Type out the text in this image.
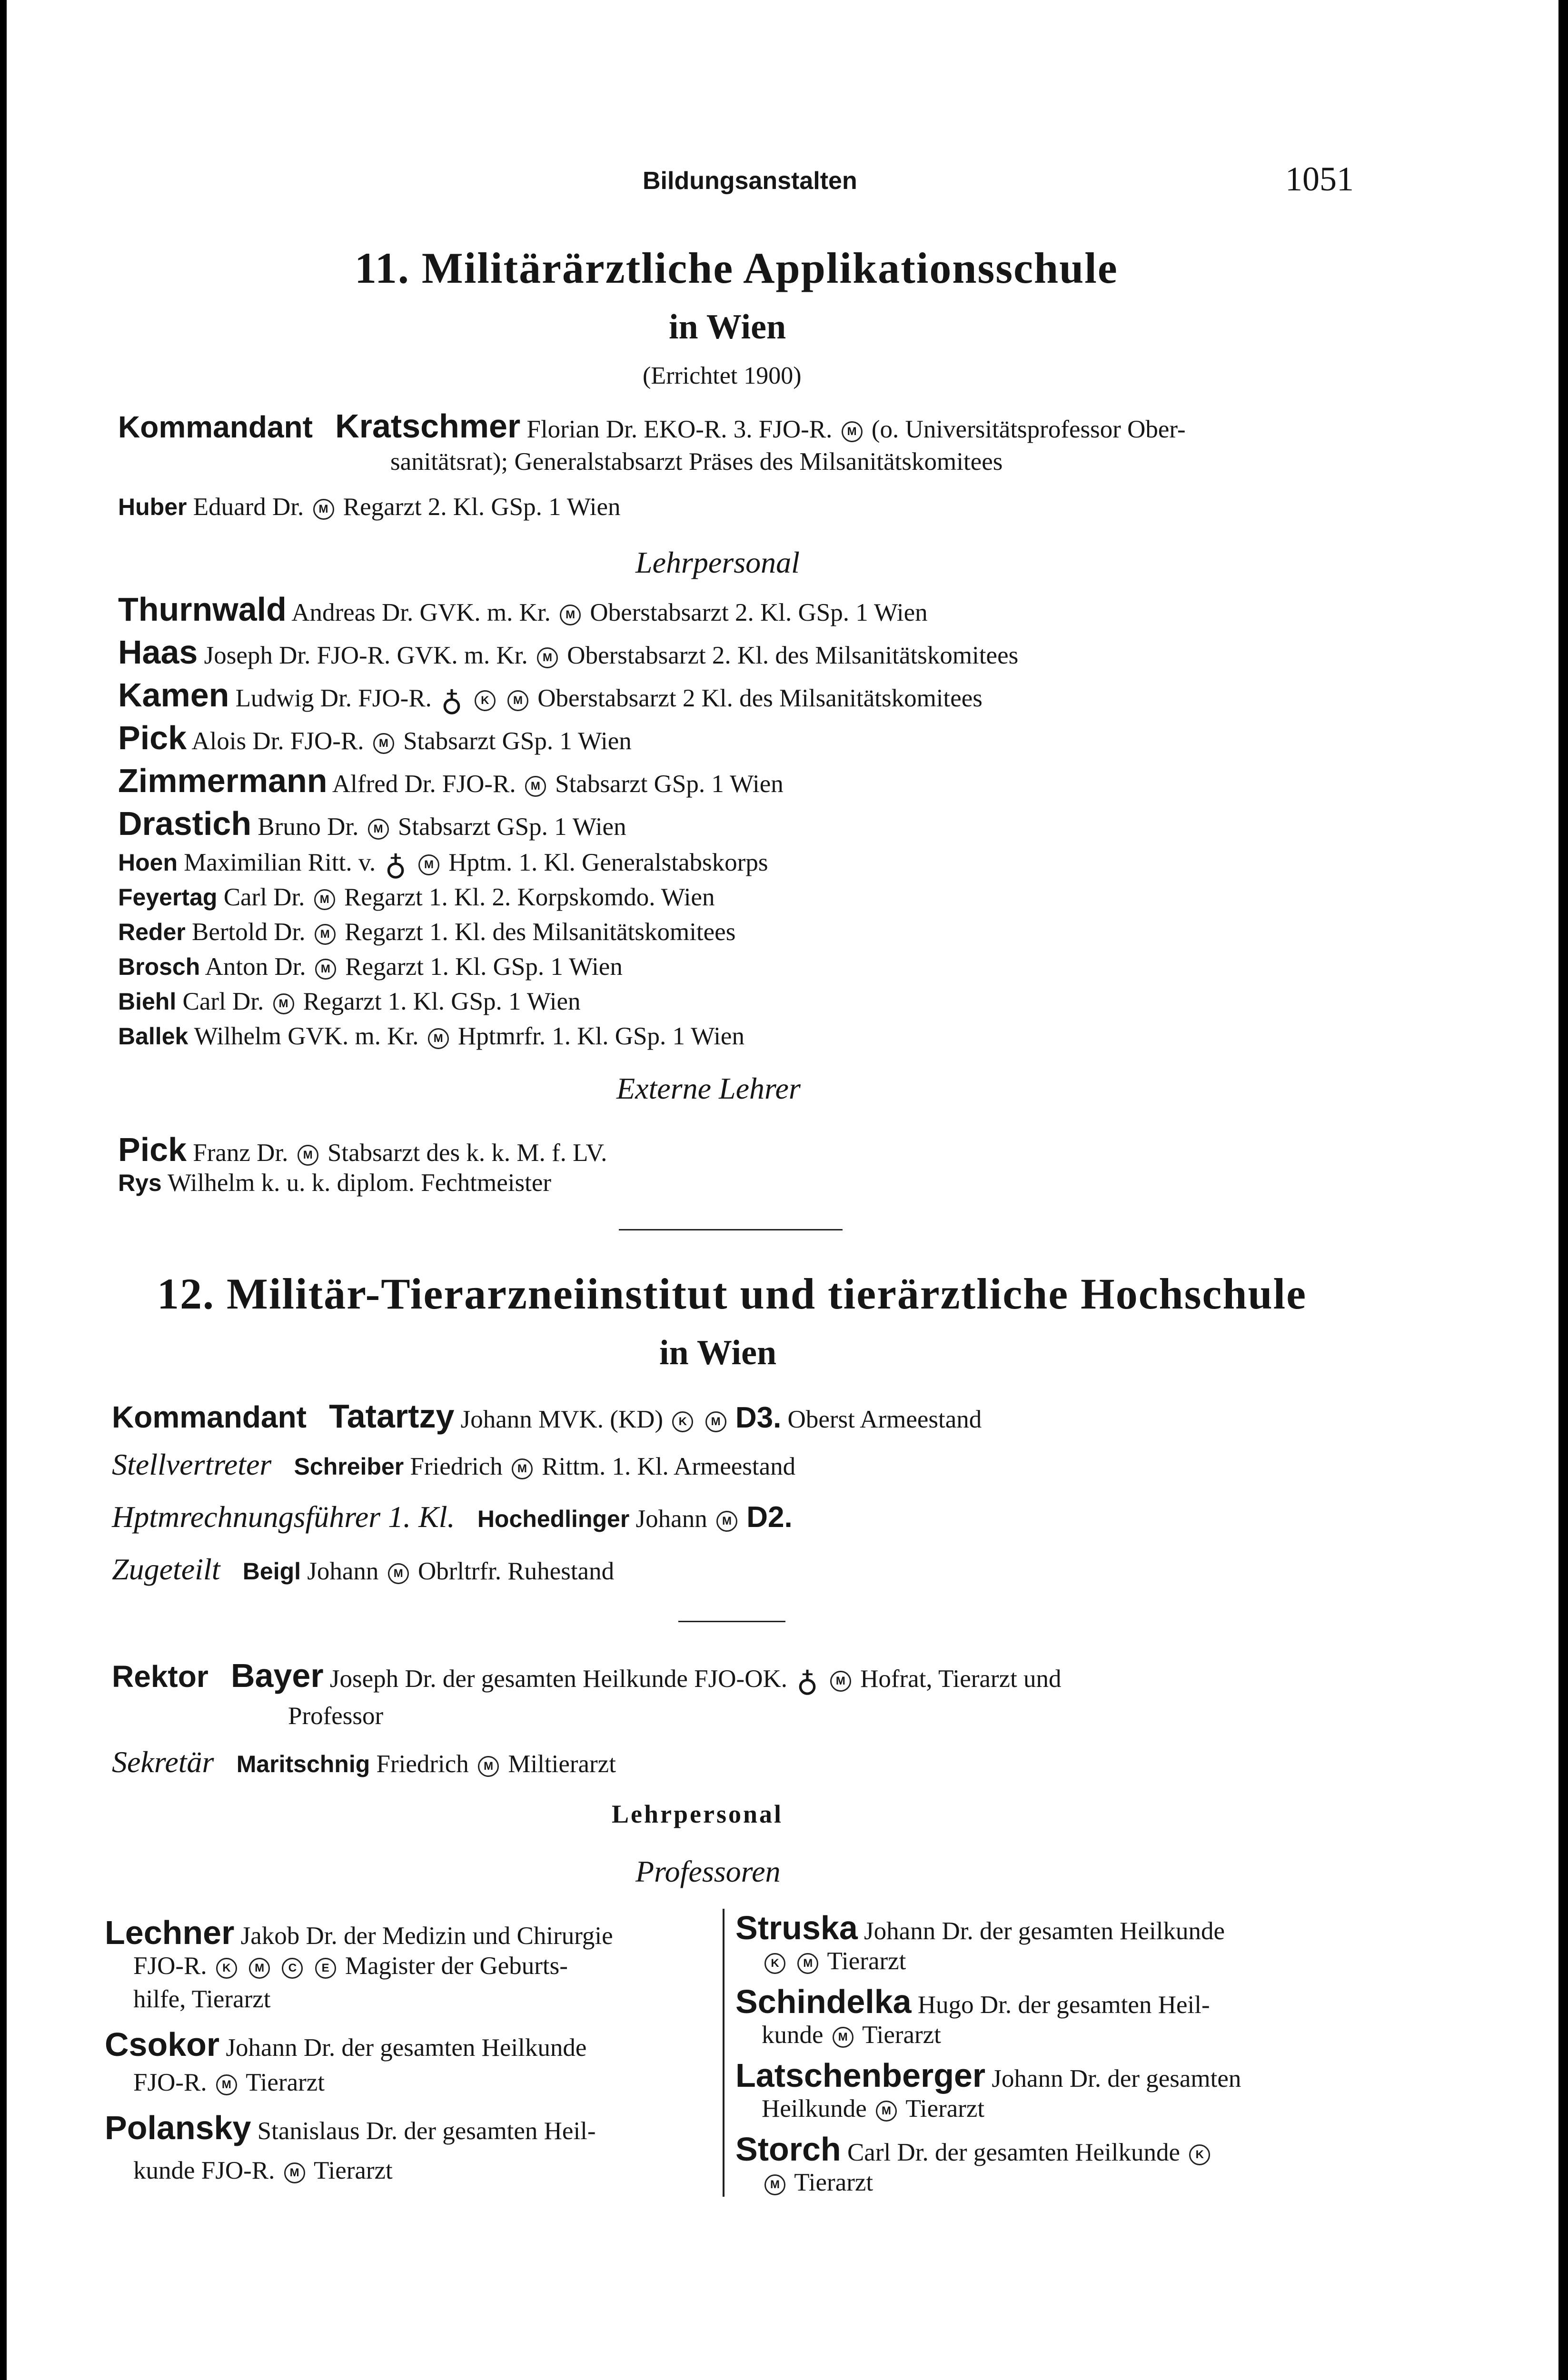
Bildungsanstalten	1051
11. Militärärztliche Applikationsschule
in Wien
(Errichtet 1900)
Kommandant Kratschmer Florian Dr. EKO-R. 3. FJO-R. M (o. Universitätsprofessor Ober-
sanitätsrat); Generalstabsarzt Präses des Milsanitätskomitees
Huber Eduard Dr. M Regarzt 2. Kl. GSp. 1 Wien
Lehrpersonal
Thurnwald Andreas Dr. GVK. m. Kr. M Oberstabsarzt 2. Kl. GSp. 1 Wien
Haas Joseph Dr. FJO-R. GVK. m. Kr. M Oberstabsarzt 2. Kl. des Milsanitätskomitees
Kamen Ludwig Dr. FJO-R. ♁ K M Oberstabsarzt 2 Kl. des Milsanitätskomitees
Pick Alois Dr. FJO-R. M Stabsarzt GSp. 1 Wien
Zimmermann Alfred Dr. FJO-R. M Stabsarzt GSp. 1 Wien
Drastich Bruno Dr. M Stabsarzt GSp. 1 Wien
Hoen Maximilian Ritt. v. ♁ M Hptm. 1. Kl. Generalstabskorps
Feyertag Carl Dr. M Regarzt 1. Kl. 2. Korpskomdo. Wien
Reder Bertold Dr. M Regarzt 1. Kl. des Milsanitätskomitees
Brosch Anton Dr. M Regarzt 1. Kl. GSp. 1 Wien
Biehl Carl Dr. M Regarzt 1. Kl. GSp. 1 Wien
Ballek Wilhelm GVK. m. Kr. M Hptmrfr. 1. Kl. GSp. 1 Wien
Externe Lehrer
Pick Franz Dr. M Stabsarzt des k. k. M. f. LV.
Rys Wilhelm k. u. k. diplom. Fechtmeister
12. Militär-Tierarzneiinstitut und tierärztliche Hochschule
in Wien
Kommandant Tatartzy Johann MVK. (KD) K M D3. Oberst Armeestand
Stellvertreter Schreiber Friedrich M Rittm. 1. Kl. Armeestand
Hptmrechnungsführer 1. Kl. Hochedlinger Johann M D2.
Zugeteilt Beigl Johann M Obrltrfr. Ruhestand
Rektor Bayer Joseph Dr. der gesamten Heilkunde FJO-OK. ♁ M Hofrat, Tierarzt und
Professor
Sekretär Maritschnig Friedrich M Miltierarzt
Lehrpersonal
Professoren
Lechner Jakob Dr. der Medizin und Chirurgie
FJO-R. K M C E Magister der Geburts-
hilfe, Tierarzt
Csokor Johann Dr. der gesamten Heilkunde
FJO-R. M Tierarzt
Polansky Stanislaus Dr. der gesamten Heil-
kunde FJO-R. M Tierarzt
Struska Johann Dr. der gesamten Heilkunde
K M Tierarzt
Schindelka Hugo Dr. der gesamten Heil-
kunde M Tierarzt
Latschenberger Johann Dr. der gesamten
Heilkunde M Tierarzt
Storch Carl Dr. der gesamten Heilkunde K
M Tierarzt
